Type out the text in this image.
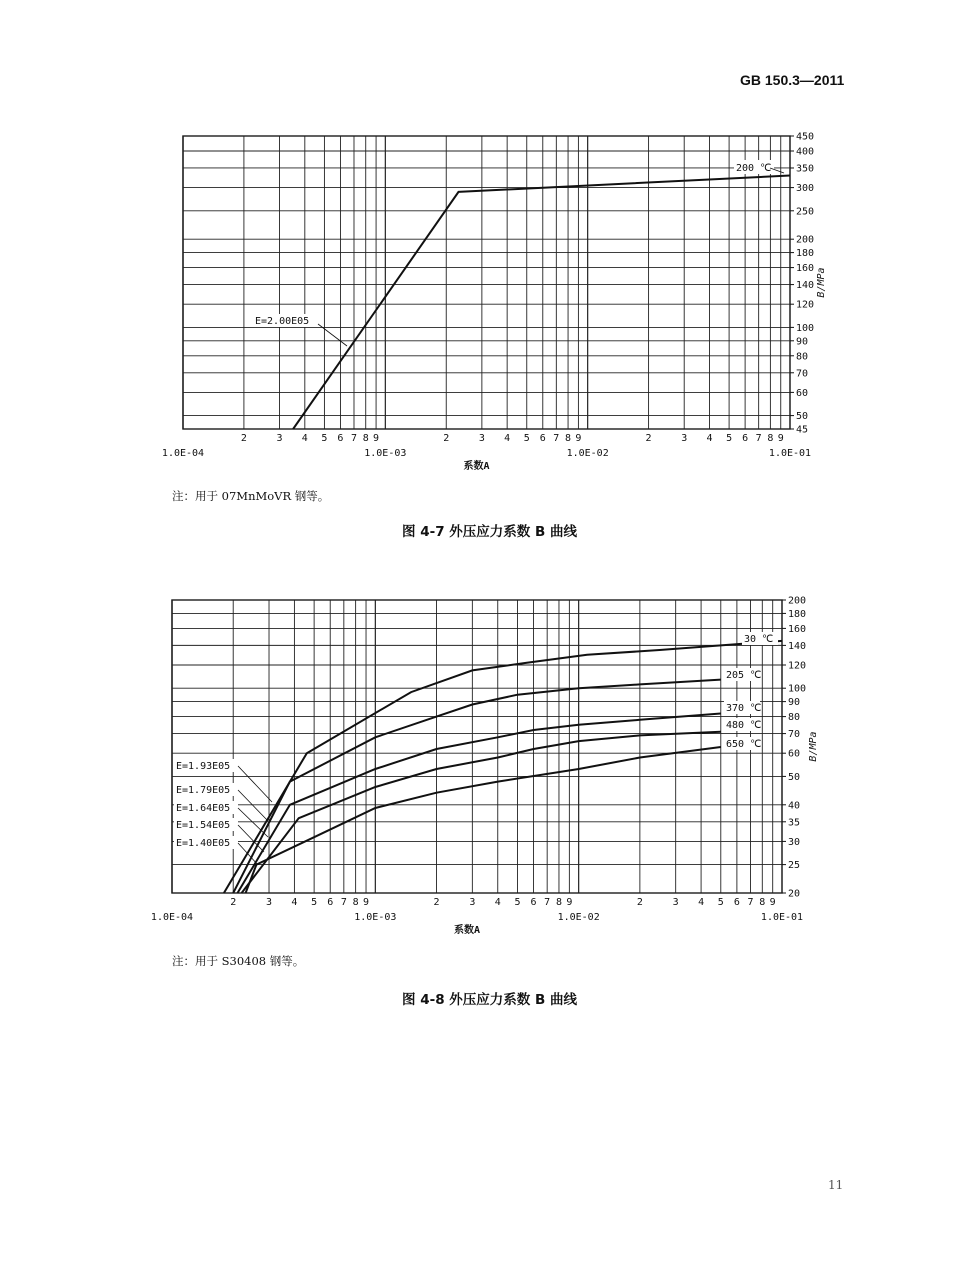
GB 150.3—2011
2	3 4 5 6 7 8 9	2	3 4 5 6 7 8 9	2	3 4 5 6 7 8 9
1.0E-04	1.0E-03	1.0E-02	1.0E-01
45
50
60
70
80
90
100
120
140
160
180
200
250
300
350
400
450
系数A
B/MPa
200 ℃
E=2.00E05
注：用于 07MnMoVR 钢等。
图 4-7 外压应力系数 B 曲线
2	3 4 5 6 7 8 9	2	3 4 5 6 7 8 9	2	3 4 5 6 7 8 9
1.0E-04	1.0E-03	1.0E-02	1.0E-01
20
25
30
35
40
50
60
70
80
90
100
120
140
160
180
200
系数A
B/MPa
30 ℃
205 ℃
370 ℃
480 ℃
650 ℃
E=1.93E05
E=1.79E05
E=1.64E05
E=1.54E05
E=1.40E05
注：用于 S30408 钢等。
图 4-8 外压应力系数 B 曲线
11
